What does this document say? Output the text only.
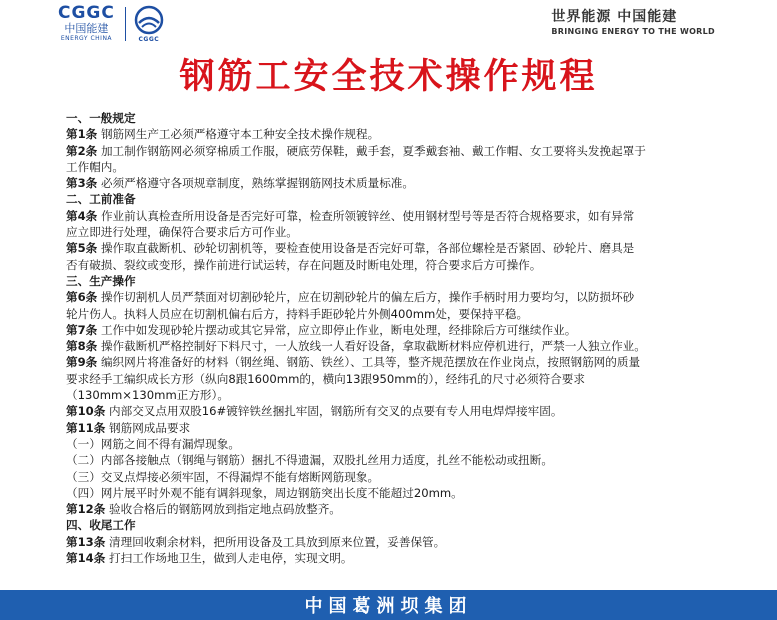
CGGC
中国能建
ENERGY CHINA	CGGC
世界能源 中国能建
BRINGING ENERGY TO THE WORLD
钢筋工安全技术操作规程
一、一般规定
第1条 钢筋网生产工必须严格遵守本工种安全技术操作规程。
第2条 加工制作钢筋网必须穿棉质工作服，硬底劳保鞋，戴手套，夏季戴套袖、戴工作帽、女工要将头发挽起罩于
工作帽内。
第3条 必须严格遵守各项规章制度，熟练掌握钢筋网技术质量标准。
二、工前准备
第4条 作业前认真检查所用设备是否完好可靠，检查所领镀锌丝、使用钢材型号等是否符合规格要求，如有异常
应立即进行处理，确保符合要求后方可作业。
第5条 操作取直截断机、砂轮切割机等，要检查使用设备是否完好可靠，各部位螺栓是否紧固、砂轮片、磨具是
否有破损、裂纹或变形，操作前进行试运转，存在问题及时断电处理，符合要求后方可操作。
三、生产操作
第6条 操作切割机人员严禁面对切割砂轮片，应在切割砂轮片的偏左后方，操作手柄时用力要均匀，以防损坏砂
轮片伤人。执料人员应在切割机偏右后方，持料手距砂轮片外侧400mm处，要保持平稳。
第7条 工作中如发现砂轮片摆动或其它异常，应立即停止作业，断电处理，经排除后方可继续作业。
第8条 操作截断机严格控制好下料尺寸，一人放线一人看好设备，拿取截断材料应停机进行，严禁一人独立作业。
第9条 编织网片将准备好的材料（钢丝绳、钢筋、铁丝）、工具等，整齐规范摆放在作业岗点，按照钢筋网的质量
要求经手工编织成长方形（纵向8跟1600mm的，横向13跟950mm的），经纬孔的尺寸必须符合要求
（130mm×130mm正方形）。
第10条 内部交叉点用双股16#镀锌铁丝捆扎牢固，钢筋所有交叉的点要有专人用电焊焊接牢固。
第11条 钢筋网成品要求
（一）网筋之间不得有漏焊现象。
（二）内部各接触点（钢绳与钢筋）捆扎不得遗漏，双股扎丝用力适度，扎丝不能松动或扭断。
（三）交叉点焊接必须牢固，不得漏焊不能有熔断网筋现象。
（四）网片展平时外观不能有调斜现象，周边钢筋突出长度不能超过20mm。
第12条 验收合格后的钢筋网放到指定地点码放整齐。
四、收尾工作
第13条 清理回收剩余材料，把所用设备及工具放到原来位置，妥善保管。
第14条 打扫工作场地卫生，做到人走电停，实现文明。
中国葛洲坝集团
